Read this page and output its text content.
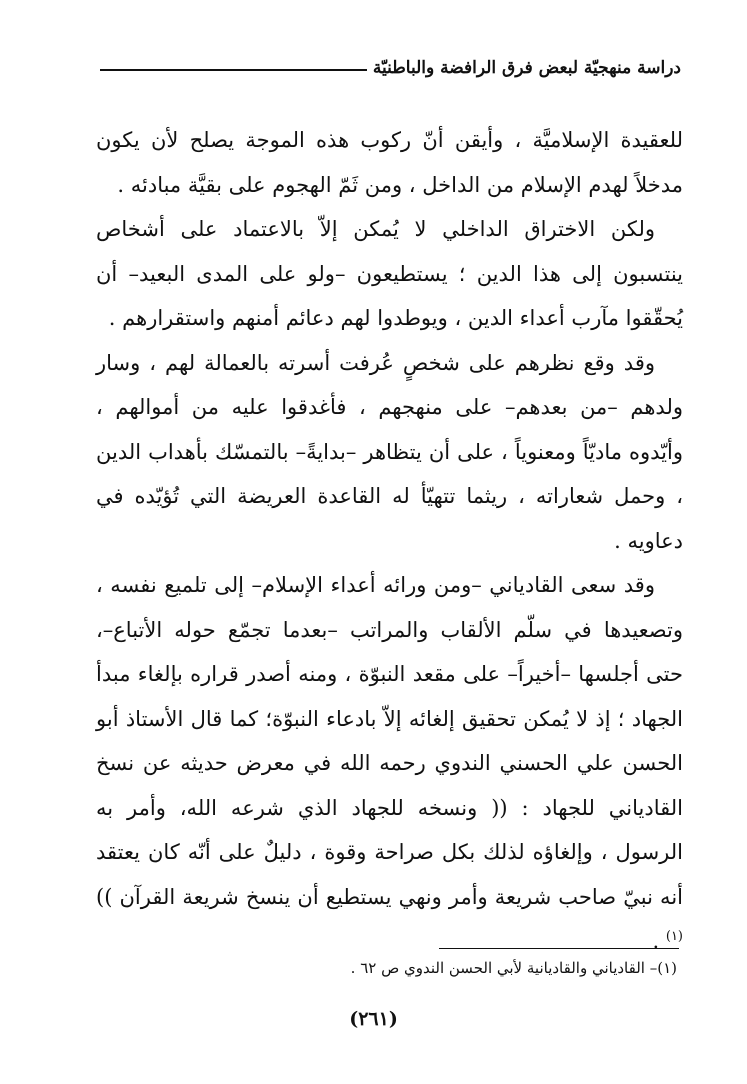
دراسة منهجيّة لبعض فرق الرافضة والباطنيّة

للعقيدة الإسلاميَّة ، وأيقن أنّ ركوب هذه الموجة يصلح لأن يكون مدخلاً لهدم الإسلام من الداخل ، ومن ثَمّ الهجوم على بقيَّة مبادئه .

ولكن الاختراق الداخلي لا يُمكن إلاّ بالاعتماد على أشخاص ينتسبون إلى هذا الدين ؛ يستطيعون –ولو على المدى البعيد– أن يُحقّقوا مآرب أعداء الدين ، ويوطدوا لهم دعائم أمنهم واستقرارهم .

وقد وقع نظرهم على شخصٍ عُرفت أسرته بالعمالة لهم ، وسار ولدهم –من بعدهم– على منهجهم ، فأغدقوا عليه من أموالهم ، وأيّدوه ماديّاً ومعنوياً ، على أن يتظاهر –بدايةً– بالتمسّك بأهداب الدين ، وحمل شعاراته ، ريثما تتهيّأ له القاعدة العريضة التي تُؤيّده في دعاويه .

وقد سعى القادياني –ومن ورائه أعداء الإسلام– إلى تلميع نفسه ، وتصعيدها في سلّم الألقاب والمراتب –بعدما تجمّع حوله الأتباع–، حتى أجلسها –أخيراً– على مقعد النبوّة ، ومنه أصدر قراره بإلغاء مبدأ الجهاد ؛ إذ لا يُمكن تحقيق إلغائه إلاّ بادعاء النبوّة؛ كما قال الأستاذ أبو الحسن علي الحسني الندوي رحمه الله في معرض حديثه عن نسخ القادياني للجهاد : (( ونسخه للجهاد الذي شرعه الله، وأمر به الرسول ، وإلغاؤه لذلك بكل صراحة وقوة ، دليلٌ على أنّه كان يعتقد أنه نبيّ صاحب شريعة وأمر ونهي يستطيع أن ينسخ شريعة القرآن )) $^{(١)}$ .

(١)– القادياني والقاديانية لأبي الحسن الندوي ص ٦٢ .
(٢٦١)
